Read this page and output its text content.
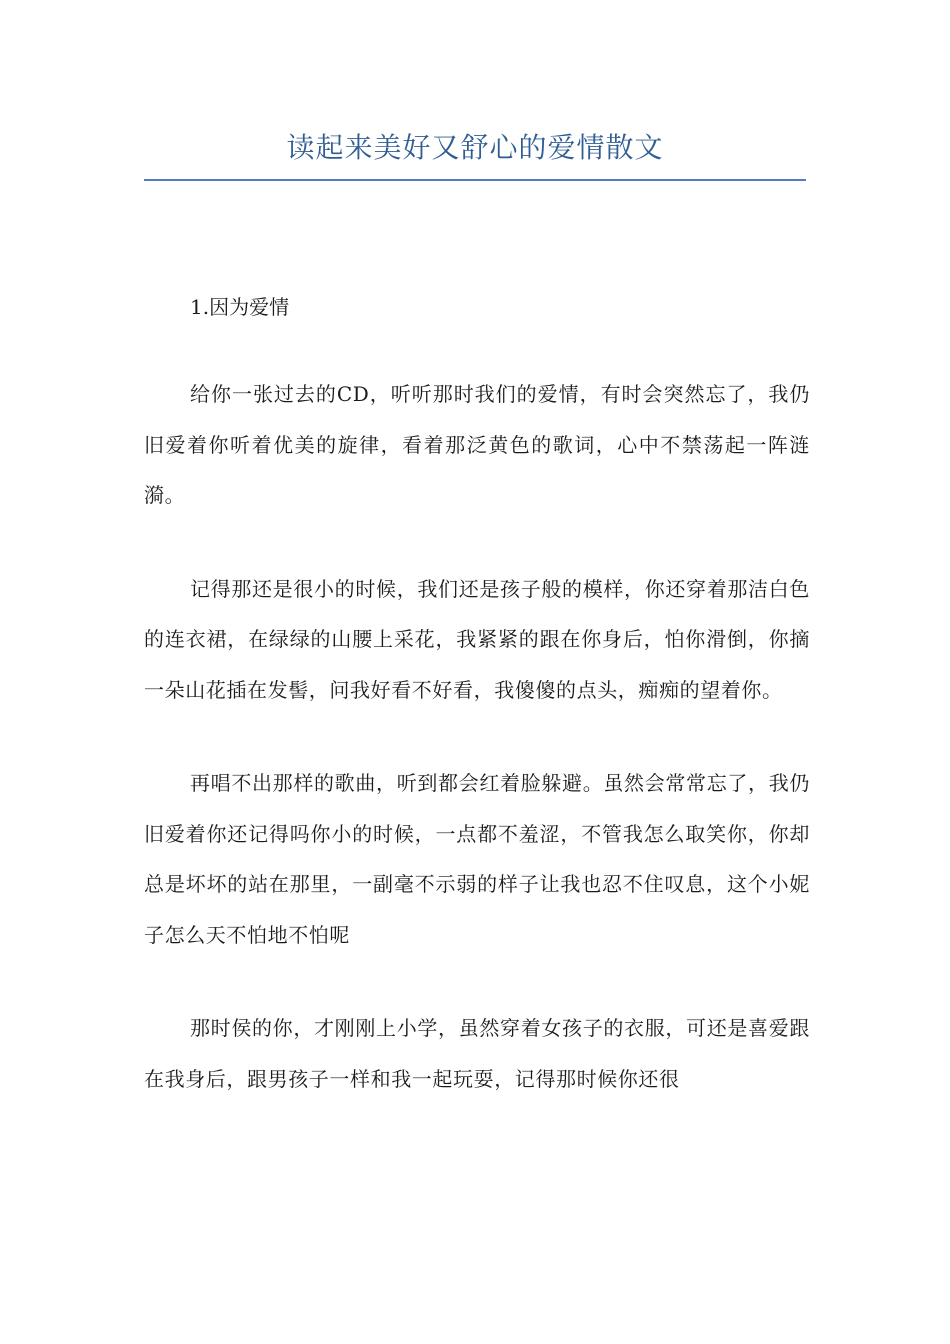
读起来美好又舒心的爱情散文

1.因为爱情

给你一张过去的CD，听听那时我们的爱情，有时会突然忘了，我仍旧爱着你听着优美的旋律，看着那泛黄色的歌词，心中不禁荡起一阵涟漪。

记得那还是很小的时候，我们还是孩子般的模样，你还穿着那洁白色的连衣裙，在绿绿的山腰上采花，我紧紧的跟在你身后，怕你滑倒，你摘一朵山花插在发髻，问我好看不好看，我傻傻的点头，痴痴的望着你。

再唱不出那样的歌曲，听到都会红着脸躲避。虽然会常常忘了，我仍旧爱着你还记得吗你小的时候，一点都不羞涩，不管我怎么取笑你，你却总是坏坏的站在那里，一副毫不示弱的样子让我也忍不住叹息，这个小妮子怎么天不怕地不怕呢

那时侯的你，才刚刚上小学，虽然穿着女孩子的衣服，可还是喜爱跟在我身后，跟男孩子一样和我一起玩耍，记得那时候你还很
